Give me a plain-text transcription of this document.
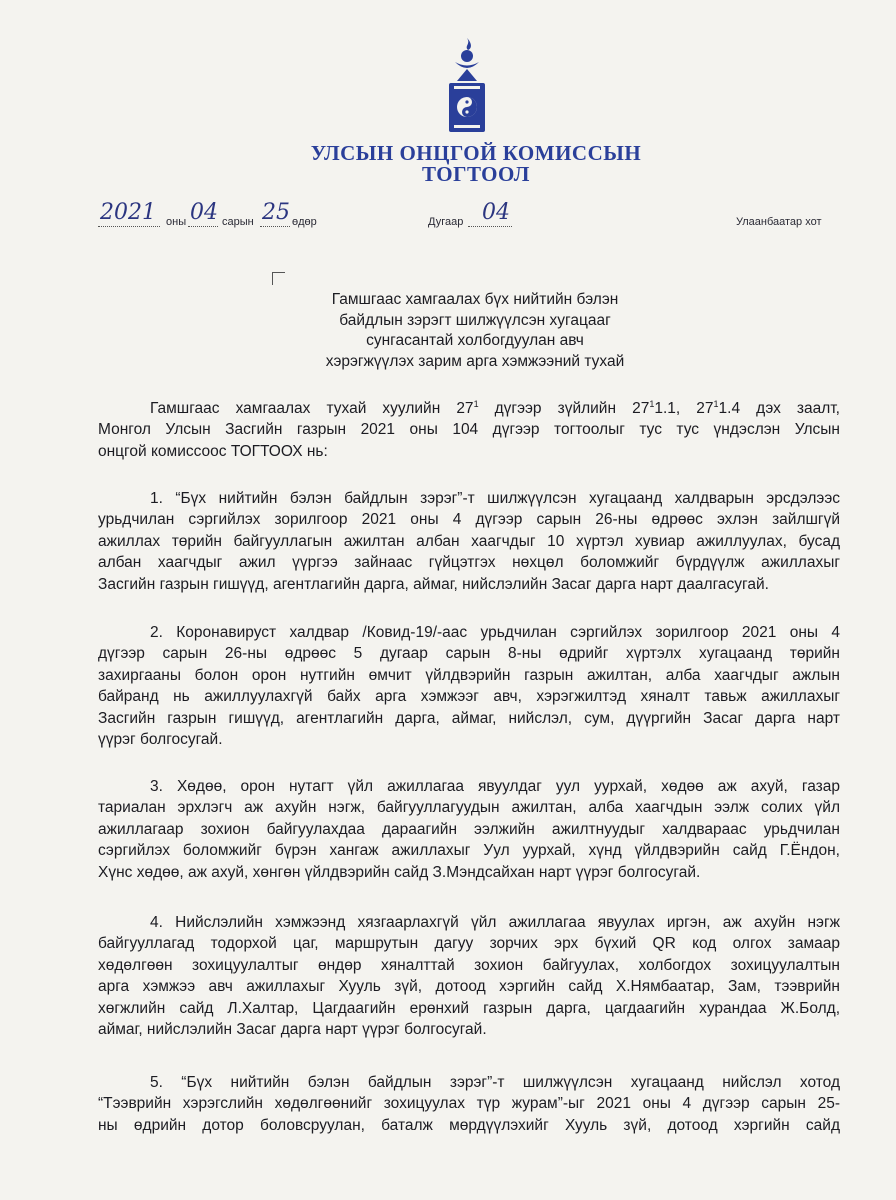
УЛСЫН ОНЦГОЙ КОМИССЫН
ТОГТООЛ
2021 оны 04 сарын 25 өдөр	Дугаар 04	Улаанбаатар хот
Гамшгаас хамгаалах бүх нийтийн бэлэн
байдлын зэрэгт шилжүүлсэн хугацааг
сунгасантай холбогдуулан авч
хэрэгжүүлэх зарим арга хэмжээний тухай
Гамшгаас хамгаалах тухай хуулийн $27^1$ дүгээр зүйлийн $27^11.1$, $27^11.4$ дэх заалт,
Монгол Улсын Засгийн газрын 2021 оны 104 дүгээр тогтоолыг тус тус үндэслэн Улсын
онцгой комиссоос ТОГТООХ нь:
1. “Бүх нийтийн бэлэн байдлын зэрэг”-т шилжүүлсэн хугацаанд халдварын эрсдэлээс
урьдчилан сэргийлэх зорилгоор 2021 оны 4 дүгээр сарын 26-ны өдрөөс эхлэн зайлшгүй
ажиллах төрийн байгууллагын ажилтан албан хаагчдыг 10 хүртэл хувиар ажиллуулах, бусад
албан хаагчдыг ажил үүргээ зайнаас гүйцэтгэх нөхцөл боломжийг бүрдүүлж ажиллахыг
Засгийн газрын гишүүд, агентлагийн дарга, аймаг, нийслэлийн Засаг дарга нарт даалгасугай.
2. Коронавируст халдвар /Ковид-19/-аас урьдчилан сэргийлэх зорилгоор 2021 оны 4
дүгээр сарын 26-ны өдрөөс 5 дугаар сарын 8-ны өдрийг хүртэлх хугацаанд төрийн
захиргааны болон орон нутгийн өмчит үйлдвэрийн газрын ажилтан, алба хаагчдыг ажлын
байранд нь ажиллуулахгүй байх арга хэмжээг авч, хэрэгжилтэд хяналт тавьж ажиллахыг
Засгийн газрын гишүүд, агентлагийн дарга, аймаг, нийслэл, сум, дүүргийн Засаг дарга нарт
үүрэг болгосугай.
3. Хөдөө, орон нутагт үйл ажиллагаа явуулдаг уул уурхай, хөдөө аж ахуй, газар
тариалан эрхлэгч аж ахуйн нэгж, байгууллагуудын ажилтан, алба хаагчдын ээлж солих үйл
ажиллагаар зохион байгуулахдаа дараагийн ээлжийн ажилтнуудыг халдвараас урьдчилан
сэргийлэх боломжийг бүрэн хангаж ажиллахыг Уул уурхай, хүнд үйлдвэрийн сайд Г.Ёндон,
Хүнс хөдөө, аж ахуй, хөнгөн үйлдвэрийн сайд З.Мэндсайхан нарт үүрэг болгосугай.
4. Нийслэлийн хэмжээнд хязгаарлахгүй үйл ажиллагаа явуулах иргэн, аж ахуйн нэгж
байгууллагад тодорхой цаг, маршрутын дагуу зорчих эрх бүхий QR код олгох замаар
хөдөлгөөн зохицуулалтыг өндөр хяналттай зохион байгуулах, холбогдох зохицуулалтын
арга хэмжээ авч ажиллахыг Хууль зүй, дотоод хэргийн сайд Х.Нямбаатар, Зам, тээврийн
хөгжлийн сайд Л.Халтар, Цагдаагийн ерөнхий газрын дарга, цагдаагийн хурандаа Ж.Болд,
аймаг, нийслэлийн Засаг дарга нарт үүрэг болгосугай.
5. “Бүх нийтийн бэлэн байдлын зэрэг”-т шилжүүлсэн хугацаанд нийслэл хотод
“Тээврийн хэрэгслийн хөдөлгөөнийг зохицуулах түр журам”-ыг 2021 оны 4 дүгээр сарын 25-
ны өдрийн дотор боловсруулан, баталж мөрдүүлэхийг Хууль зүй, дотоод хэргийн сайд
